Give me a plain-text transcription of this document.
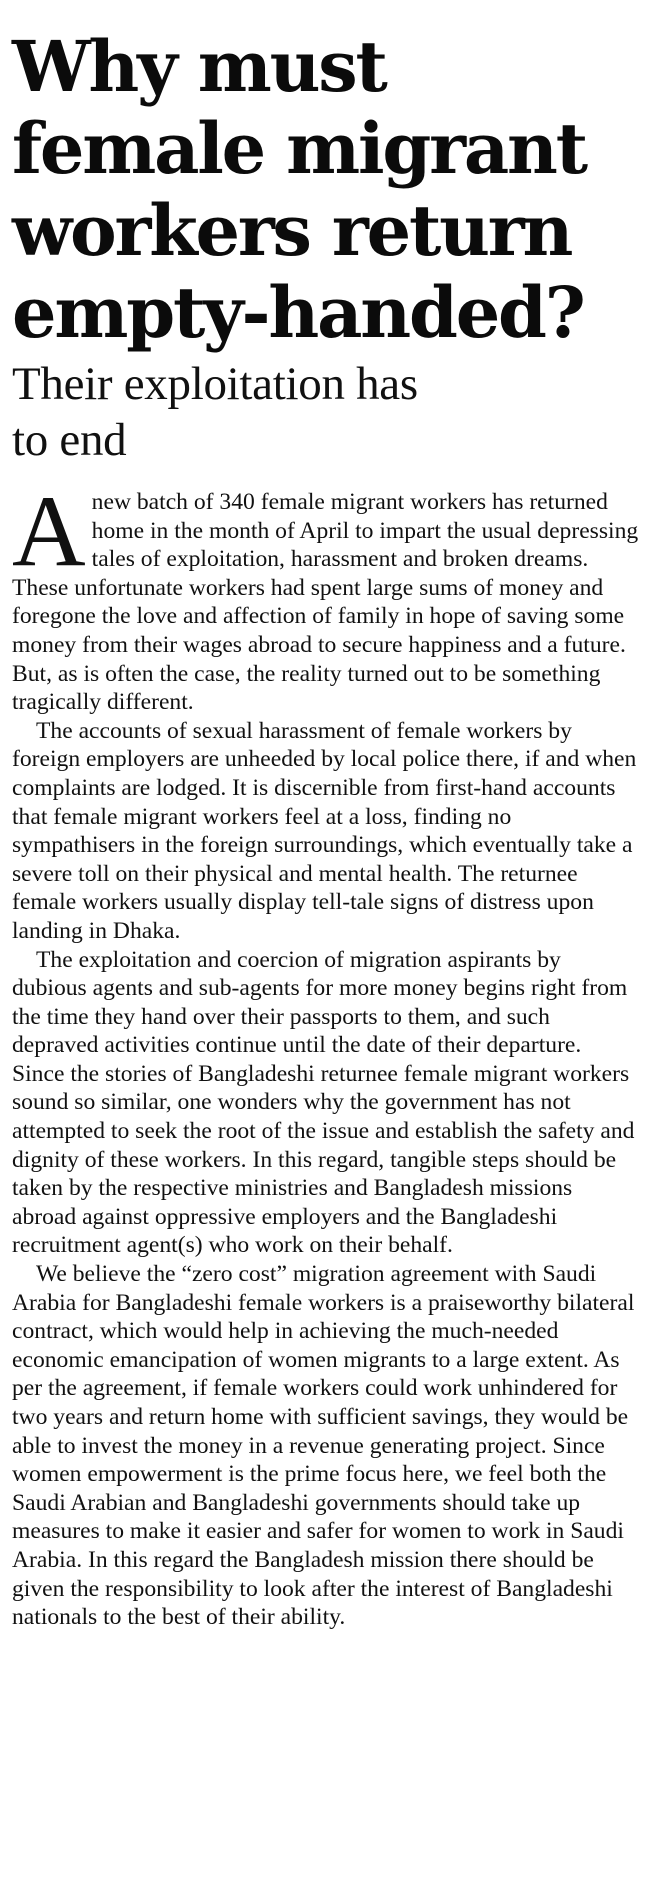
Why must
female migrant
workers return
empty-handed?
Their exploitation has
to end

A new batch of 340 female migrant workers has returned home in the month of April to impart the usual depressing tales of exploitation, harassment and broken dreams. These unfortunate workers had spent large sums of money and foregone the love and affection of family in hope of saving some money from their wages abroad to secure happiness and a future. But, as is often the case, the reality turned out to be something tragically different.

The accounts of sexual harassment of female workers by foreign employers are unheeded by local police there, if and when complaints are lodged. It is discernible from first-hand accounts that female migrant workers feel at a loss, finding no sympathisers in the foreign surroundings, which eventually take a severe toll on their physical and mental health. The returnee female workers usually display tell-tale signs of distress upon landing in Dhaka.

The exploitation and coercion of migration aspirants by dubious agents and sub-agents for more money begins right from the time they hand over their passports to them, and such depraved activities continue until the date of their departure. Since the stories of Bangladeshi returnee female migrant workers sound so similar, one wonders why the government has not attempted to seek the root of the issue and establish the safety and dignity of these workers. In this regard, tangible steps should be taken by the respective ministries and Bangladesh missions abroad against oppressive employers and the Bangladeshi recruitment agent(s) who work on their behalf.

We believe the “zero cost” migration agreement with Saudi Arabia for Bangladeshi female workers is a praiseworthy bilateral contract, which would help in achieving the much-needed economic emancipation of women migrants to a large extent. As per the agreement, if female workers could work unhindered for two years and return home with sufficient savings, they would be able to invest the money in a revenue generating project. Since women empowerment is the prime focus here, we feel both the Saudi Arabian and Bangladeshi governments should take up measures to make it easier and safer for women to work in Saudi Arabia. In this regard the Bangladesh mission there should be given the responsibility to look after the interest of Bangladeshi nationals to the best of their ability.
